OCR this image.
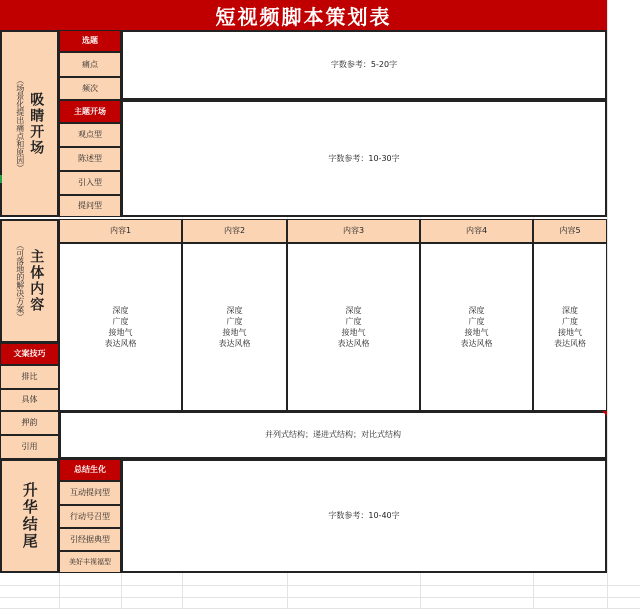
短视频脚本策划表
吸睛开场
（场景化提出痛点和原因）
选题
痛点
频次
字数参考：5-20字
主题开场
观点型
陈述型
引入型
提问型
字数参考：10-30字
主体内容
（可落地的解决方案）
内容1	内容2	内容3	内容4	内容5
深度
广度
接地气
表达风格
深度
广度
接地气
表达风格
深度
广度
接地气
表达风格
深度
广度
接地气
表达风格
深度
广度
接地气
表达风格
文案技巧
排比
具体
押韵
引用
并列式结构；递进式结构；对比式结构
升华结尾
总结生化
互动提问型
行动号召型
引经据典型
美好丰视福型
字数参考：10-40字
